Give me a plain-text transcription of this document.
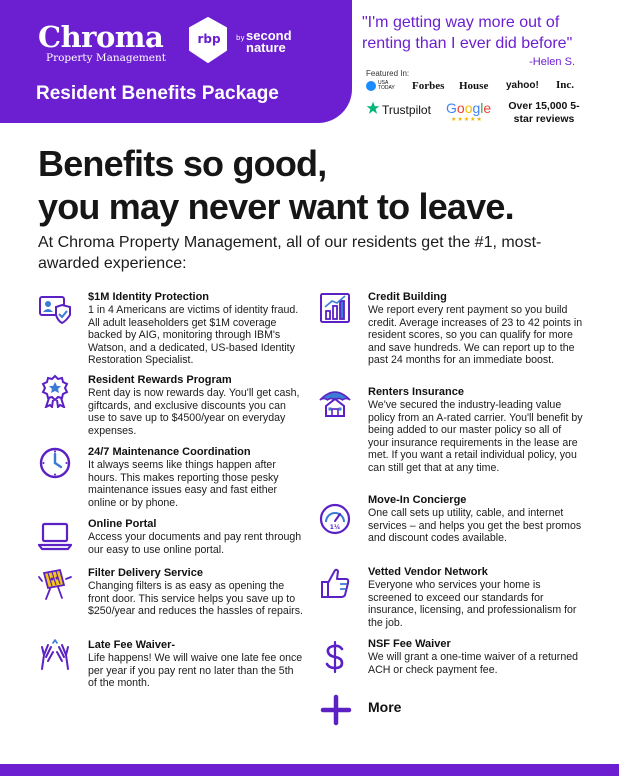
Chroma
Property Management
rbp	by second nature
Resident Benefits Package
"I'm getting way more out of renting than I ever did before"
-Helen S.
Featured In:
USA TODAY	Forbes House yahoo! Inc.
Trustpilot Google
★★★★★
Over 15,000 5-star reviews
Benefits so good,
you may never want to leave.
At Chroma Property Management, all of our residents get the #1, most-awarded experience:
$1M Identity Protection
1 in 4 Americans are victims of identity fraud. All adult leaseholders get $1M coverage backed by AIG, monitoring through IBM's Watson, and a dedicated, US-based Identity Restoration Specialist.
Resident Rewards Program
Rent day is now rewards day. You'll get cash, giftcards, and exclusive discounts you can use to save up to $4500/year on everyday expenses.
24/7 Maintenance Coordination
It always seems like things happen after hours. This makes reporting those pesky maintenance issues easy and fast either online or by phone.
Online Portal
Access your documents and pay rent through our easy to use online portal.
Filter Delivery Service
Changing filters is as easy as opening the front door. This service helps you save up to $250/year and reduces the hassles of repairs.
Late Fee Waiver-
Life happens! We will waive one late fee once per year if you pay rent no later than the 5th of the month.
Credit Building
We report every rent payment so you build credit. Average increases of 23 to 42 points in resident scores, so you can qualify for more and save hundreds. We can report up to the past 24 months for an immediate boost.
Renters Insurance
We've secured the industry-leading value policy from an A-rated carrier. You'll benefit by being added to our master policy so all of your insurance requirements in the lease are met. If you want a retail individual policy, you can still get that at any time.
1¼
Move-In Concierge
One call sets up utility, cable, and internet services – and helps you get the best promos and discount codes available.
Vetted Vendor Network
Everyone who services your home is screened to exceed our standards for insurance, licensing, and professionalism for the job.
NSF Fee Waiver
We will grant a one-time waiver of a returned ACH or check payment fee.
More
